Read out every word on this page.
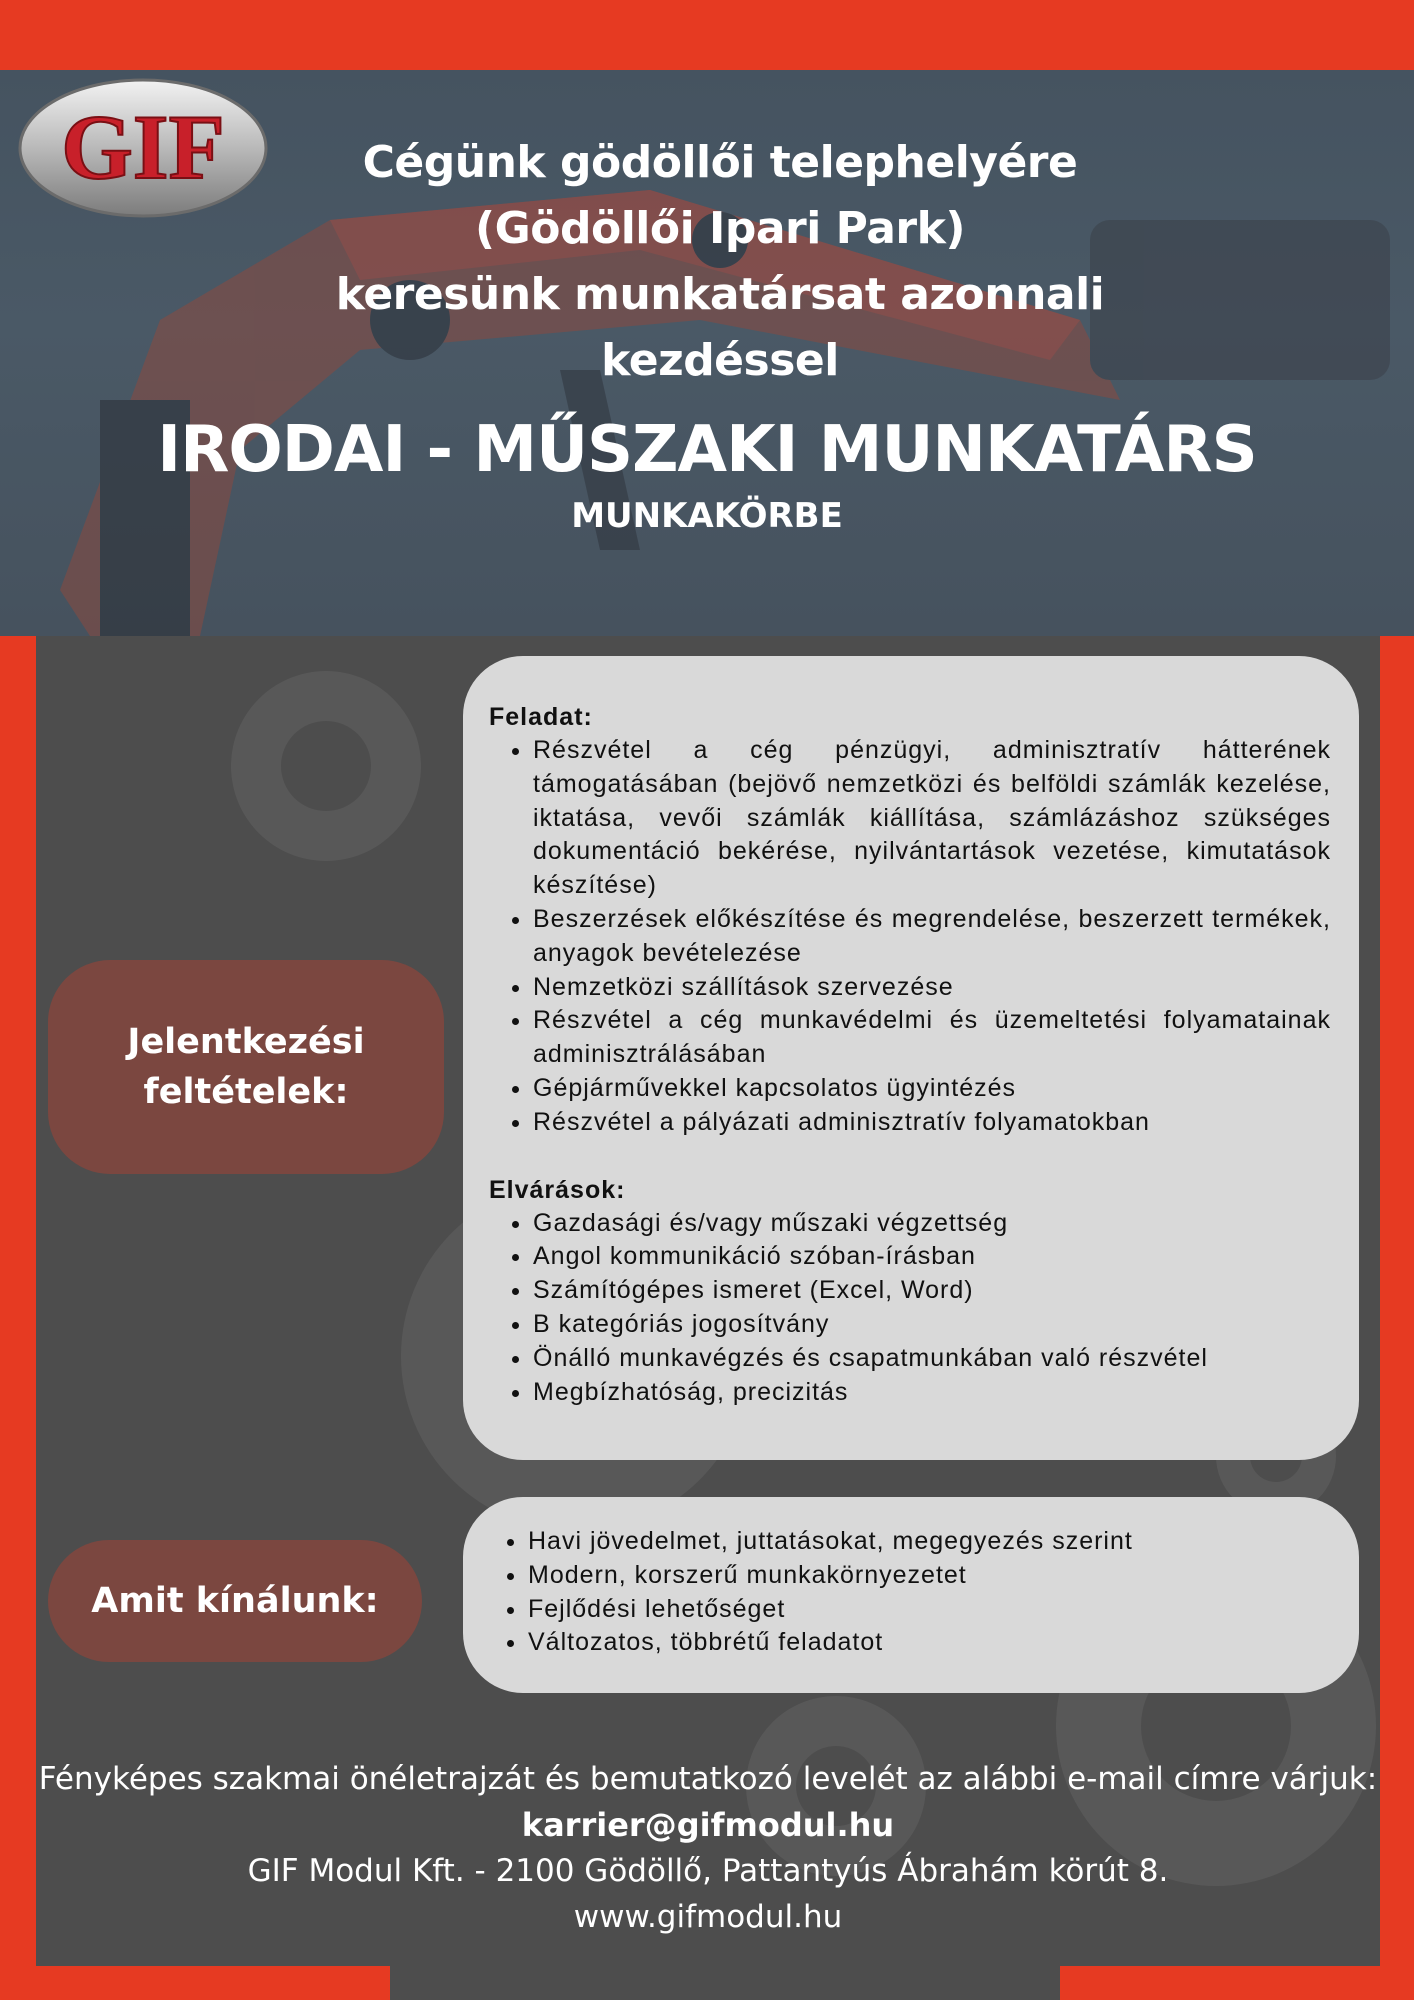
GIF	Cégünk gödöllői telephelyére
(Gödöllői Ipari Park)
keresünk munkatársat azonnali
kezdéssel
IRODAI - MŰSZAKI MUNKATÁRS
MUNKAKÖRBE
Jelentkezési
feltételek:
Feladat:
• Részvétel a cég pénzügyi, adminisztratív hátterének támogatásában (bejövő nemzetközi és belföldi számlák kezelése, iktatása, vevői számlák kiállítása, számlázáshoz szükséges dokumentáció bekérése, nyilvántartások vezetése, kimutatások készítése)
• Beszerzések előkészítése és megrendelése, beszerzett termékek, anyagok bevételezése
• Nemzetközi szállítások szervezése
• Részvétel a cég munkavédelmi és üzemeltetési folyamatainak adminisztrálásában
• Gépjárművekkel kapcsolatos ügyintézés
• Részvétel a pályázati adminisztratív folyamatokban
Elvárások:
• Gazdasági és/vagy műszaki végzettség
• Angol kommunikáció szóban-írásban
• Számítógépes ismeret (Excel, Word)
• B kategóriás jogosítvány
• Önálló munkavégzés és csapatmunkában való részvétel
• Megbízhatóság, precizitás
Amit kínálunk:
• Havi jövedelmet, juttatásokat, megegyezés szerint
• Modern, korszerű munkakörnyezetet
• Fejlődési lehetőséget
• Változatos, többrétű feladatot
Fényképes szakmai önéletrajzát és bemutatkozó levelét az alábbi e-mail címre várjuk:
karrier@gifmodul.hu
GIF Modul Kft. - 2100 Gödöllő, Pattantyús Ábrahám körút 8.
www.gifmodul.hu
